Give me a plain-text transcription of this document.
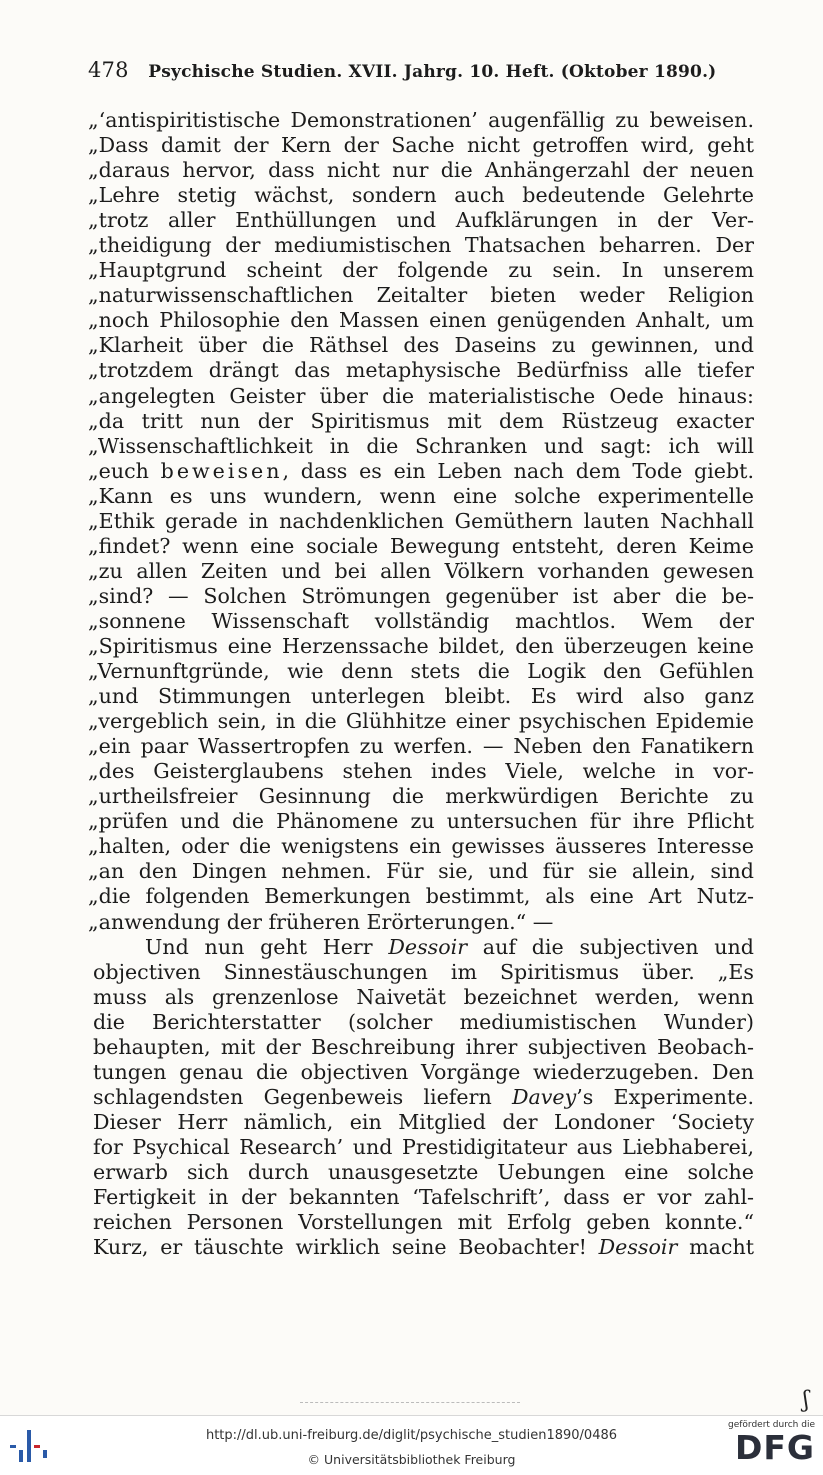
478 Psychische Studien. XVII. Jahrg. 10. Heft. (Oktober 1890.)
„‘antispiritistische Demonstrationen’ augenfällig zu beweisen.
„Dass damit der Kern der Sache nicht getroffen wird, geht
„daraus hervor, dass nicht nur die Anhängerzahl der neuen
„Lehre stetig wächst, sondern auch bedeutende Gelehrte
„trotz aller Enthüllungen und Aufklärungen in der Ver-
„theidigung der mediumistischen Thatsachen beharren. Der
„Hauptgrund scheint der folgende zu sein. In unserem
„naturwissenschaftlichen Zeitalter bieten weder Religion
„noch Philosophie den Massen einen genügenden Anhalt, um
„Klarheit über die Räthsel des Daseins zu gewinnen, und
„trotzdem drängt das metaphysische Bedürfniss alle tiefer
„angelegten Geister über die materialistische Oede hinaus:
„da tritt nun der Spiritismus mit dem Rüstzeug exacter
„Wissenschaftlichkeit in die Schranken und sagt: ich will
„euch beweisen, dass es ein Leben nach dem Tode giebt.
„Kann es uns wundern, wenn eine solche experimentelle
„Ethik gerade in nachdenklichen Gemüthern lauten Nachhall
„findet? wenn eine sociale Bewegung entsteht, deren Keime
„zu allen Zeiten und bei allen Völkern vorhanden gewesen
„sind? — Solchen Strömungen gegenüber ist aber die be-
„sonnene Wissenschaft vollständig machtlos. Wem der
„Spiritismus eine Herzenssache bildet, den überzeugen keine
„Vernunftgründe, wie denn stets die Logik den Gefühlen
„und Stimmungen unterlegen bleibt. Es wird also ganz
„vergeblich sein, in die Glühhitze einer psychischen Epidemie
„ein paar Wassertropfen zu werfen. — Neben den Fanatikern
„des Geisterglaubens stehen indes Viele, welche in vor-
„urtheilsfreier Gesinnung die merkwürdigen Berichte zu
„prüfen und die Phänomene zu untersuchen für ihre Pflicht
„halten, oder die wenigstens ein gewisses äusseres Interesse
„an den Dingen nehmen. Für sie, und für sie allein, sind
„die folgenden Bemerkungen bestimmt, als eine Art Nutz-
„anwendung der früheren Erörterungen.“ —
Und nun geht Herr Dessoir auf die subjectiven und
objectiven Sinnestäuschungen im Spiritismus über. „Es
muss als grenzenlose Naivetät bezeichnet werden, wenn
die Berichterstatter (solcher mediumistischen Wunder)
behaupten, mit der Beschreibung ihrer subjectiven Beobach-
tungen genau die objectiven Vorgänge wiederzugeben. Den
schlagendsten Gegenbeweis liefern Davey’s Experimente.
Dieser Herr nämlich, ein Mitglied der Londoner ‘Society
for Psychical Research’ und Prestidigitateur aus Liebhaberei,
erwarb sich durch unausgesetzte Uebungen eine solche
Fertigkeit in der bekannten ‘Tafelschrift’, dass er vor zahl-
reichen Personen Vorstellungen mit Erfolg geben konnte.“
Kurz, er täuschte wirklich seine Beobachter! Dessoir macht
ʃ
http://dl.ub.uni-freiburg.de/diglit/psychische_studien1890/0486
© Universitätsbibliothek Freiburg
gefördert durch die
DFG
